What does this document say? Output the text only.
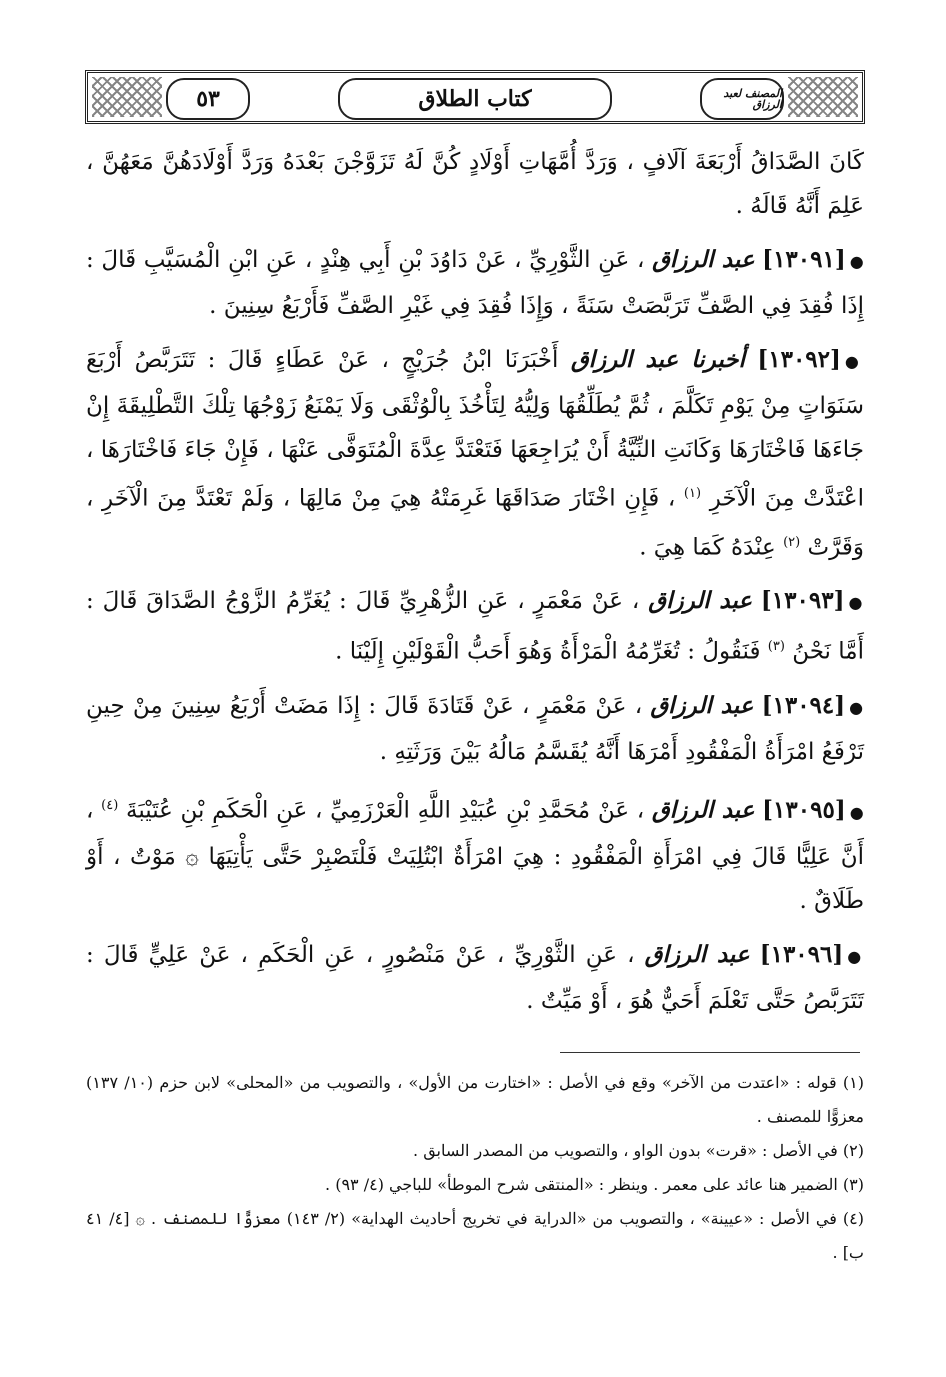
٥٣	كتاب الطلاق	المصنف لعبد الرزاق

كَانَ الصَّدَاقُ أَرْبَعَةَ آلَافٍ ، وَرَدَّ أُمَّهَاتِ أَوْلَادٍ كُنَّ لَهُ تَزَوَّجْنَ بَعْدَهُ وَرَدَّ أَوْلَادَهُنَّ مَعَهُنَّ ، عَلِمَ أَنَّهُ قَالَهُ .

●[١٣٠٩١] عبد الرزاق ، عَنِ الثَّوْرِيِّ ، عَنْ دَاوُدَ بْنِ أَبِي هِنْدٍ ، عَنِ ابْنِ الْمُسَيَّبِ قَالَ : إِذَا فُقِدَ فِي الصَّفِّ تَرَبَّصَتْ سَنَةً ، وَإِذَا فُقِدَ فِي غَيْرِ الصَّفِّ فَأَرْبَعُ سِنِينَ .

●[١٣٠٩٢] أخبرنا عبد الرزاق أَخْبَرَنَا ابْنُ جُرَيْجٍ ، عَنْ عَطَاءٍ قَالَ : تَتَرَبَّصُ أَرْبَعَ سَنَوَاتٍ مِنْ يَوْمِ تَكَلَّمَ ، ثُمَّ يُطَلِّقُهَا وَلِيُّهُ لِتَأْخُذَ بِالْوُثْقَى وَلَا يَمْنَعُ زَوْجُهَا تِلْكَ التَّطْلِيقَةَ إِنْ جَاءَهَا فَاخْتَارَهَا وَكَانَتِ النِّيَّةُ أَنْ يُرَاجِعَهَا فَتَعْتَدَّ عِدَّةَ الْمُتَوَفَّى عَنْهَا ، فَإِنْ جَاءَ فَاخْتَارَهَا ، اعْتَدَّتْ مِنَ الْآخَرِ $^{(١)}$ ، فَإِنِ اخْتَارَ صَدَاقَهَا غَرِمَتْهُ هِيَ مِنْ مَالِهَا ، وَلَمْ تَعْتَدَّ مِنَ الْآخَرِ ، وَقَرَّتْ $^{(٢)}$ عِنْدَهُ كَمَا هِيَ .

●[١٣٠٩٣] عبد الرزاق ، عَنْ مَعْمَرٍ ، عَنِ الزُّهْرِيِّ قَالَ : يُغَرِّمُ الزَّوْجُ الصَّدَاقَ قَالَ : أَمَّا نَحْنُ $^{(٣)}$ فَنَقُولُ : تُغَرِّمُهُ الْمَرْأَةُ وَهُوَ أَحَبُّ الْقَوْلَيْنِ إِلَيْنَا .

●[١٣٠٩٤] عبد الرزاق ، عَنْ مَعْمَرٍ ، عَنْ قَتَادَةَ قَالَ : إِذَا مَضَتْ أَرْبَعُ سِنِينَ مِنْ حِينِ تَرْفَعُ امْرَأَةُ الْمَفْقُودِ أَمْرَهَا أَنَّهُ يُقَسَّمُ مَالُهُ بَيْنَ وَرَثَتِهِ .

●[١٣٠٩٥] عبد الرزاق ، عَنْ مُحَمَّدِ بْنِ عُبَيْدِ اللَّهِ الْعَرْزَمِيِّ ، عَنِ الْحَكَمِ بْنِ عُتَيْبَةَ $^{(٤)}$ ، أَنَّ عَلِيًّا قَالَ فِي امْرَأَةِ الْمَفْقُودِ : هِيَ امْرَأَةٌ ابْتُلِيَتْ فَلْتَصْبِرْ حَتَّى يَأْتِيَهَا ۞ مَوْتٌ ، أَوْ طَلَاقٌ .

●[١٣٠٩٦] عبد الرزاق ، عَنِ الثَّوْرِيِّ ، عَنْ مَنْصُورٍ ، عَنِ الْحَكَمِ ، عَنْ عَلِيٍّ قَالَ : تَتَرَبَّصُ حَتَّى تَعْلَمَ أَحَيٌّ هُوَ ، أَوْ مَيِّتٌ .

(١) قوله : «اعتدت من الآخر» وقع في الأصل : «اختارت من الأول» ، والتصويب من «المحلى» لابن حزم (١٠/ ١٣٧) معزوًّا للمصنف .

(٢) في الأصل : «قرت» بدون الواو ، والتصويب من المصدر السابق .

(٣) الضمير هنا عائد على معمر . وينظر : «المنتقى شرح الموطأ» للباجي (٤/ ٩٣) .

(٤) في الأصل : «عيينة» ، والتصويب من «الدراية في تخريج أحاديث الهداية» (٢/ ١٤٣) معزوًّا للمصنف . ۞ [٤/ ٤١ ب] .
